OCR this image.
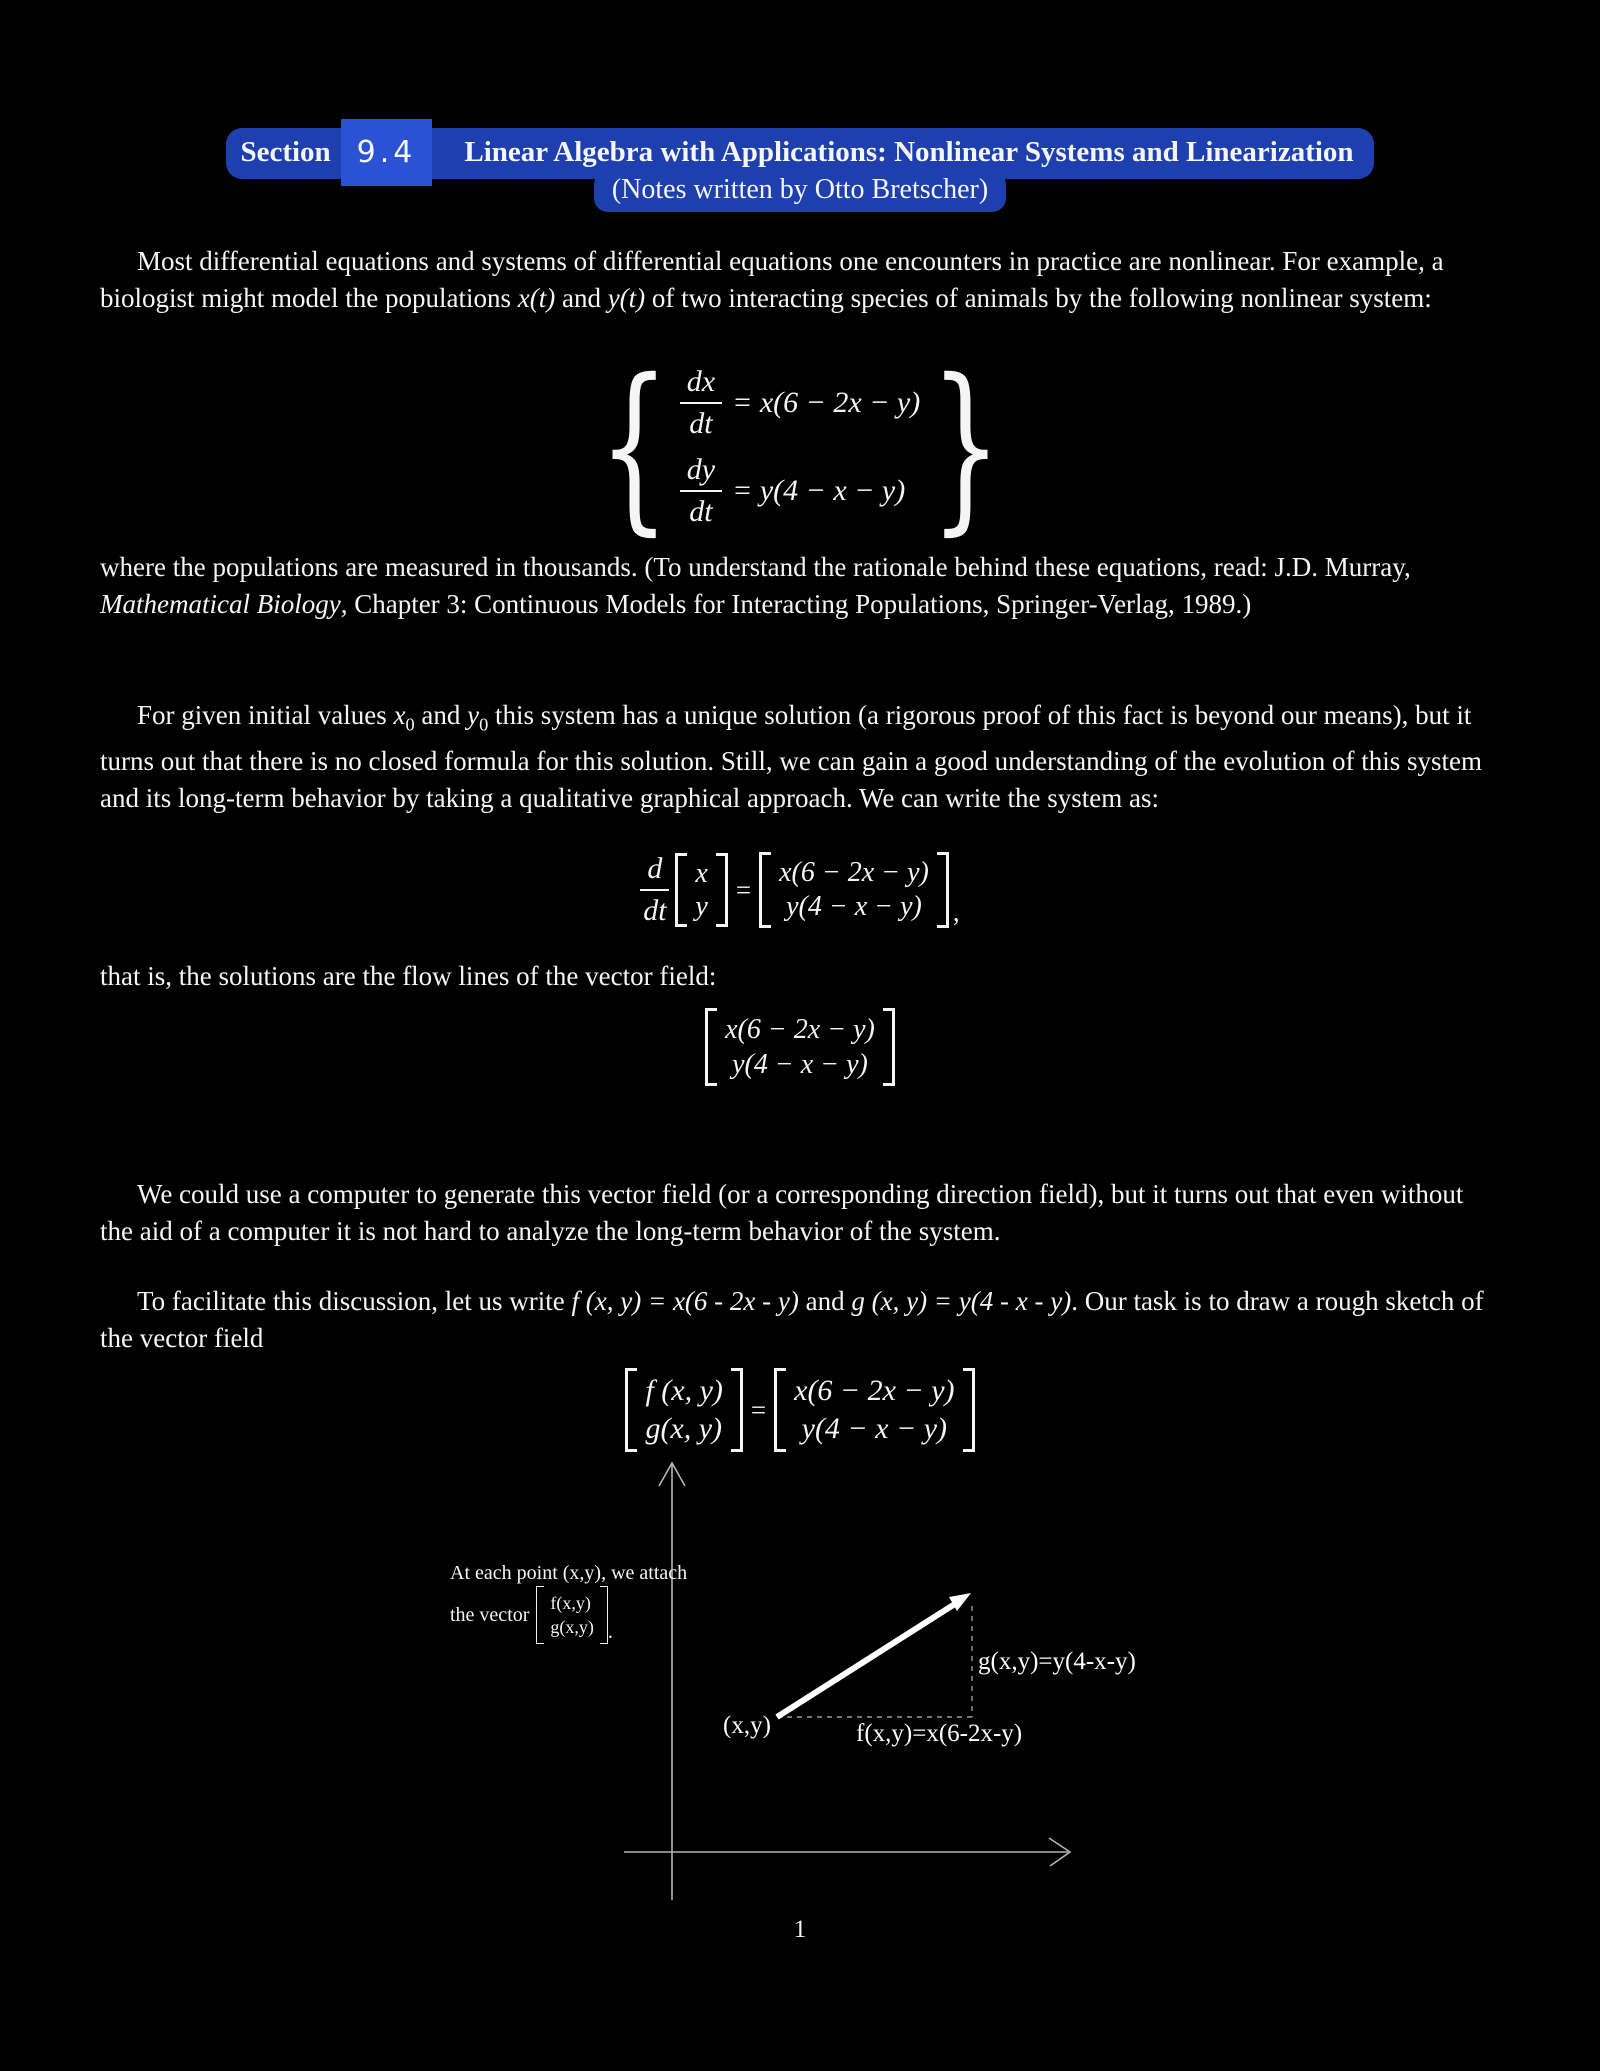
Section 9.4	Linear Algebra with Applications: Nonlinear Systems and Linearization
(Notes written by Otto Bretscher)
Most differential equations and systems of differential equations one encounters in practice are nonlinear. For example, a biologist might model the populations x(t) and y(t) of two interacting species of animals by the following nonlinear system:
{ $\frac{dx}{dt} = x(6 - 2x - y)$
$\frac{dy}{dt} = y(4 - x - y)$ }
where the populations are measured in thousands. (To understand the rationale behind these equations, read: J.D. Murray, Mathematical Biology, Chapter 3: Continuous Models for Interacting Populations, Springer-Verlag, 1989.)
For given initial values $x_0$ and $y_0$ this system has a unique solution (a rigorous proof of this fact is beyond our means), but it turns out that there is no closed formula for this solution. Still, we can gain a good understanding of the evolution of this system and its long-term behavior by taking a qualitative graphical approach. We can write the system as:
$\frac{d}{dt}$ x
y
=
x(6 − 2x − y)
y(4 − x − y) ,
that is, the solutions are the flow lines of the vector field:
x(6 − 2x − y)
y(4 − x − y)
We could use a computer to generate this vector field (or a corresponding direction field), but it turns out that even without the aid of a computer it is not hard to analyze the long-term behavior of the system.
To facilitate this discussion, let us write f (x, y) = x(6 - 2x - y) and g (x, y) = y(4 - x - y). Our task is to draw a rough sketch of the vector field
f (x, y)
g(x, y)
=
x(6 − 2x − y)
y(4 − x − y)
At each point (x,y), we attach
the vector
f(x,y)
g(x,y) .
g(x,y)=y(4-x-y)
(x,y)	f(x,y)=x(6-2x-y)
1
